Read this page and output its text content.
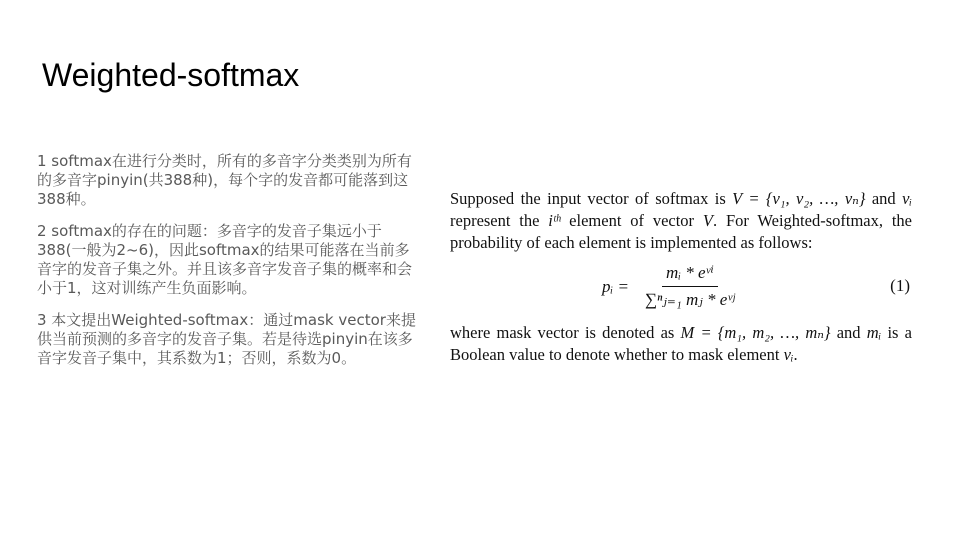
Weighted-softmax

1 softmax在进行分类时，所有的多音字分类类别为所有的多音字pinyin(共388种)，每个字的发音都可能落到这388种。

2 softmax的存在的问题：多音字的发音子集远小于388(一般为2~6)，因此softmax的结果可能落在当前多音字的发音子集之外。并且该多音字发音子集的概率和会小于1，这对训练产生负面影响。

3 本文提出Weighted-softmax：通过mask vector来提供当前预测的多音字的发音子集。若是待选pinyin在该多音字发音子集中，其系数为1；否则，系数为0。

Supposed the input vector of softmax is V = {v₁, v₂, …, vₙ} and vᵢ represent the iᵗʰ element of vector V. For Weighted-softmax, the probability of each element is implemented as follows:

pᵢ = $\frac{\text{mᵢ * eᵛⁱ}}{\text{∑ⁿⱼ₌₁ mⱼ * eᵛʲ}}$	(1)

where mask vector is denoted as M = {m₁, m₂, …, mₙ} and mᵢ is a Boolean value to denote whether to mask element vᵢ.
